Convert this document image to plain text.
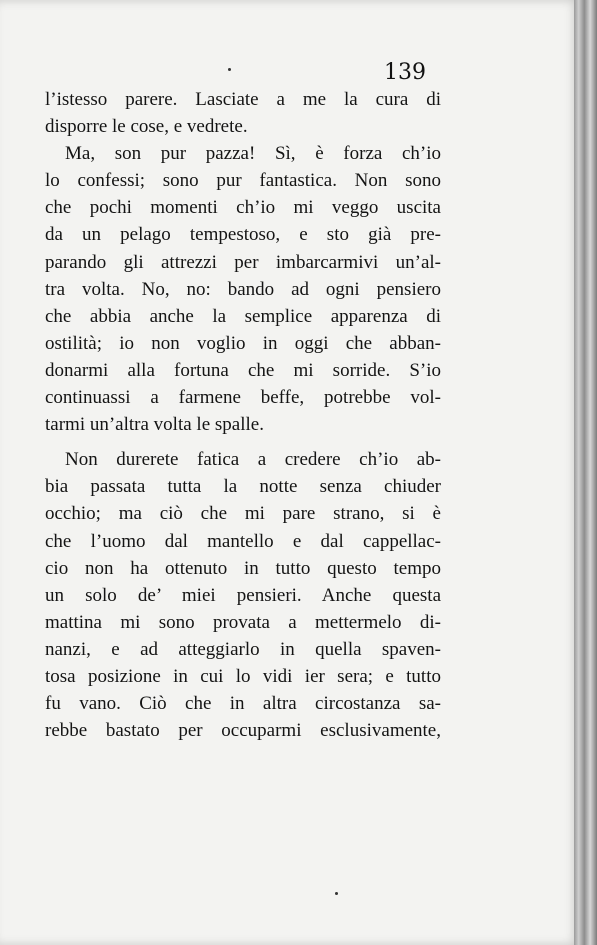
139
l’istesso parere. Lasciate a me la cura di
disporre le cose, e vedrete.
Ma, son pur pazza! Sì, è forza ch’io
lo confessi; sono pur fantastica. Non sono
che pochi momenti ch’io mi veggo uscita
da un pelago tempestoso, e sto già pre-
parando gli attrezzi per imbarcarmivi un’al-
tra volta. No, no: bando ad ogni pensiero
che abbia anche la semplice apparenza di
ostilità; io non voglio in oggi che abban-
donarmi alla fortuna che mi sorride. S’io
continuassi a farmene beffe, potrebbe vol-
tarmi un’altra volta le spalle.
Non durerete fatica a credere ch’io ab-
bia passata tutta la notte senza chiuder
occhio; ma ciò che mi pare strano, si è
che l’uomo dal mantello e dal cappellac-
cio non ha ottenuto in tutto questo tempo
un solo de’ miei pensieri. Anche questa
mattina mi sono provata a mettermelo di-
nanzi, e ad atteggiarlo in quella spaven-
tosa posizione in cui lo vidi ier sera; e tutto
fu vano. Ciò che in altra circostanza sa-
rebbe bastato per occuparmi esclusivamente,
